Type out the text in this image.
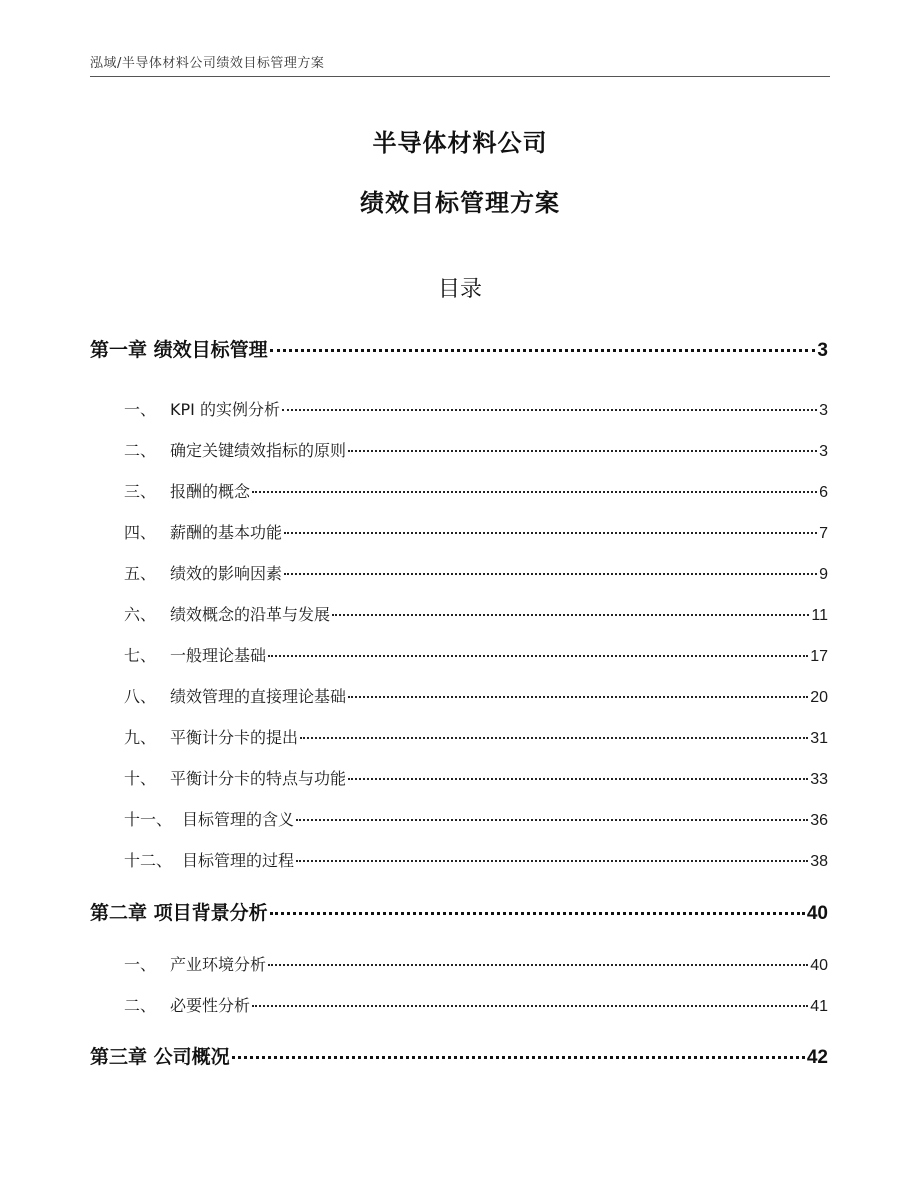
泓域/半导体材料公司绩效目标管理方案
半导体材料公司
绩效目标管理方案
目录
第一章 绩效目标管理	3
一、 KPI 的实例分析	3
二、 确定关键绩效指标的原则	3
三、 报酬的概念	6
四、 薪酬的基本功能	7
五、 绩效的影响因素	9
六、 绩效概念的沿革与发展	11
七、 一般理论基础	17
八、 绩效管理的直接理论基础	20
九、 平衡计分卡的提出	31
十、 平衡计分卡的特点与功能	33
十一、 目标管理的含义	36
十二、 目标管理的过程	38
第二章 项目背景分析	40
一、 产业环境分析	40
二、 必要性分析	41
第三章 公司概况	42
